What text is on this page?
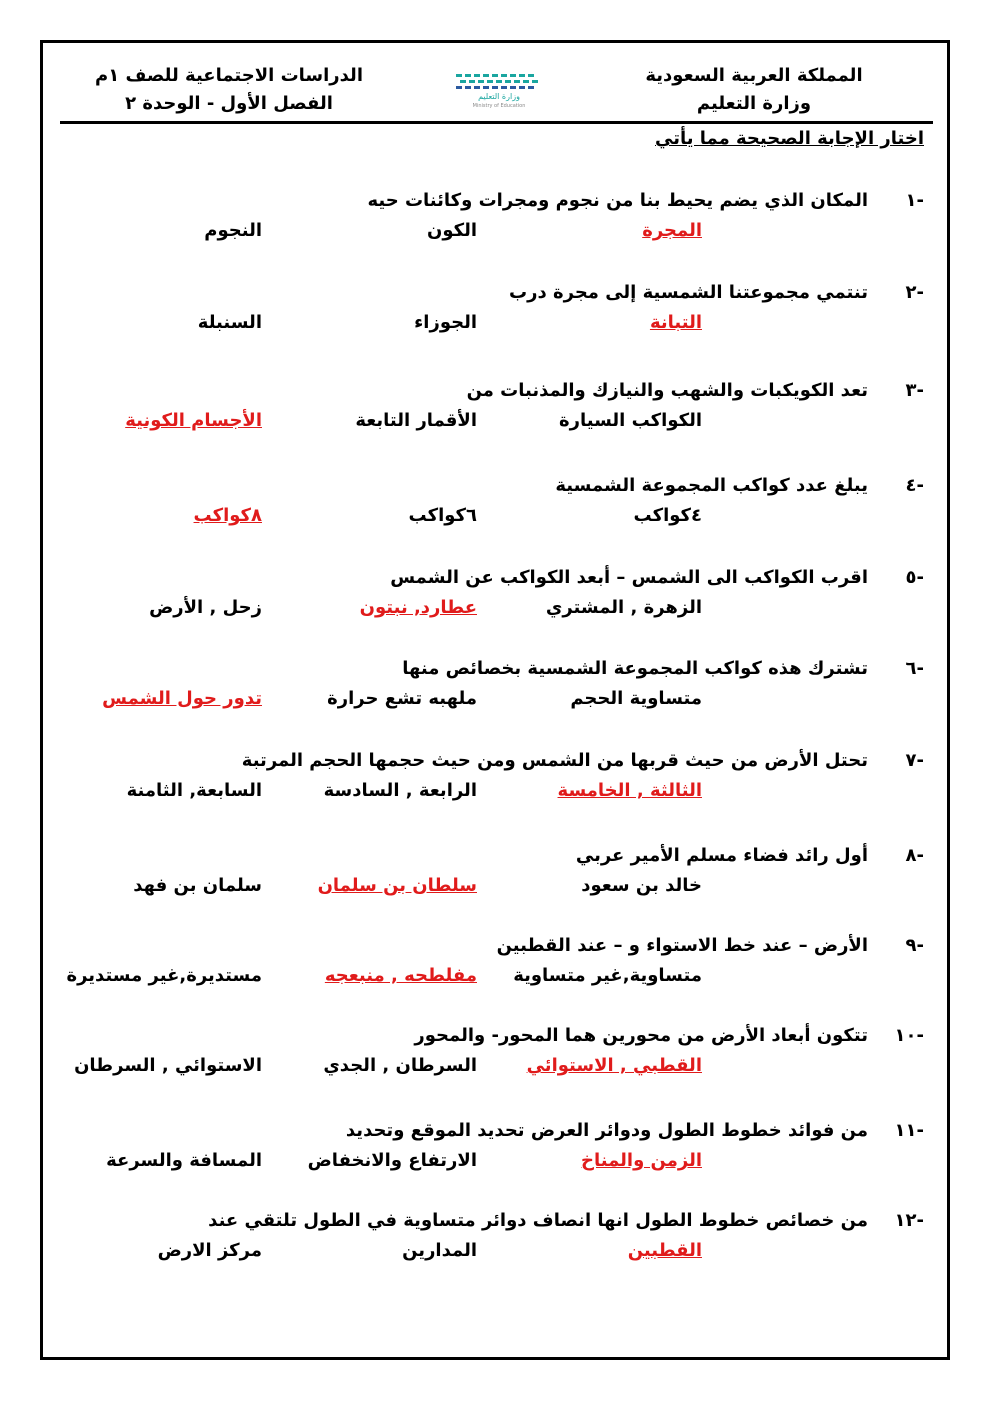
المملكة العربية السعودية
وزارة التعليم
وزارة التعليم
Ministry of Education
الدراسات الاجتماعية للصف ١م
الفصل الأول - الوحدة ٢
اختار الإجابة الصحيحة مما يأتي
-١
المكان الذي يضم يحيط بنا من نجوم ومجرات وكائنات حيه
المجرة
الكون
النجوم
-٢
تنتمي مجموعتنا الشمسية إلى مجرة درب
التبانة
الجوزاء
السنبلة
-٣
تعد الكويكبات والشهب والنيازك والمذنبات من
الكواكب السيارة
الأقمار التابعة
الأجسام الكونية
-٤
يبلغ عدد كواكب المجموعة الشمسية
٤كواكب
٦كواكب
٨كواكب
-٥
اقرب الكواكب الى الشمس – أبعد الكواكب عن الشمس
الزهرة , المشتري
عطارد, نبتون
زحل , الأرض
-٦
تشترك هذه كواكب المجموعة الشمسية بخصائص منها
متساوية الحجم
ملهبه تشع حرارة
تدور حول الشمس
-٧
تحتل الأرض من حيث قربها من الشمس ومن حيث حجمها الحجم المرتبة
الثالثة , الخامسة
الرابعة , السادسة
السابعة, الثامنة
-٨
أول رائد فضاء مسلم الأمير عربي
خالد بن سعود
سلطان بن سلمان
سلمان بن فهد
-٩
الأرض – عند خط الاستواء و – عند القطبين
متساوية,غير متساوية
مفلطحه , منبعجه
مستديرة,غير مستديرة
-١٠
تتكون أبعاد الأرض من محورين هما المحور- والمحور
القطبي , الاستوائي
السرطان , الجدي
الاستوائي , السرطان
-١١
من فوائد خطوط الطول ودوائر العرض تحديد الموقع وتحديد
الزمن والمناخ
الارتفاع والانخفاض
المسافة والسرعة
-١٢
من خصائص خطوط الطول انها انصاف دوائر متساوية في الطول تلتقي عند
القطبين
المدارين
مركز الارض
